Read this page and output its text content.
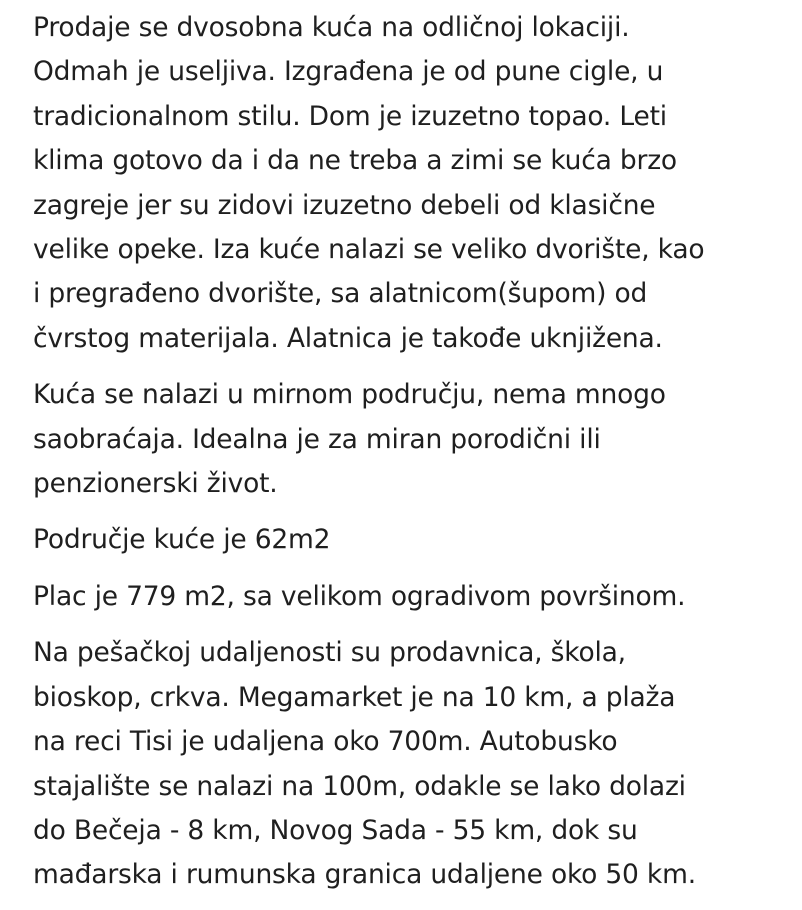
Prodaje se dvosobna kuća na odličnoj lokaciji.
Odmah je useljiva. Izgrađena je od pune cigle, u
tradicionalnom stilu. Dom je izuzetno topao. Leti
klima gotovo da i da ne treba a zimi se kuća brzo
zagreje jer su zidovi izuzetno debeli od klasične
velike opeke. Iza kuće nalazi se veliko dvorište, kao
i pregrađeno dvorište, sa alatnicom(šupom) od
čvrstog materijala. Alatnica je takođe uknjižena.

Kuća se nalazi u mirnom području, nema mnogo
saobraćaja. Idealna je za miran porodični ili
penzionerski život.

Područje kuće je 62m2

Plac je 779 m2, sa velikom ogradivom površinom.

Na pešačkoj udaljenosti su prodavnica, škola,
bioskop, crkva. Megamarket je na 10 km, a plaža
na reci Tisi je udaljena oko 700m. Autobusko
stajalište se nalazi na 100m, odakle se lako dolazi
do Bečeja - 8 km, Novog Sada - 55 km, dok su
mađarska i rumunska granica udaljene oko 50 km.
